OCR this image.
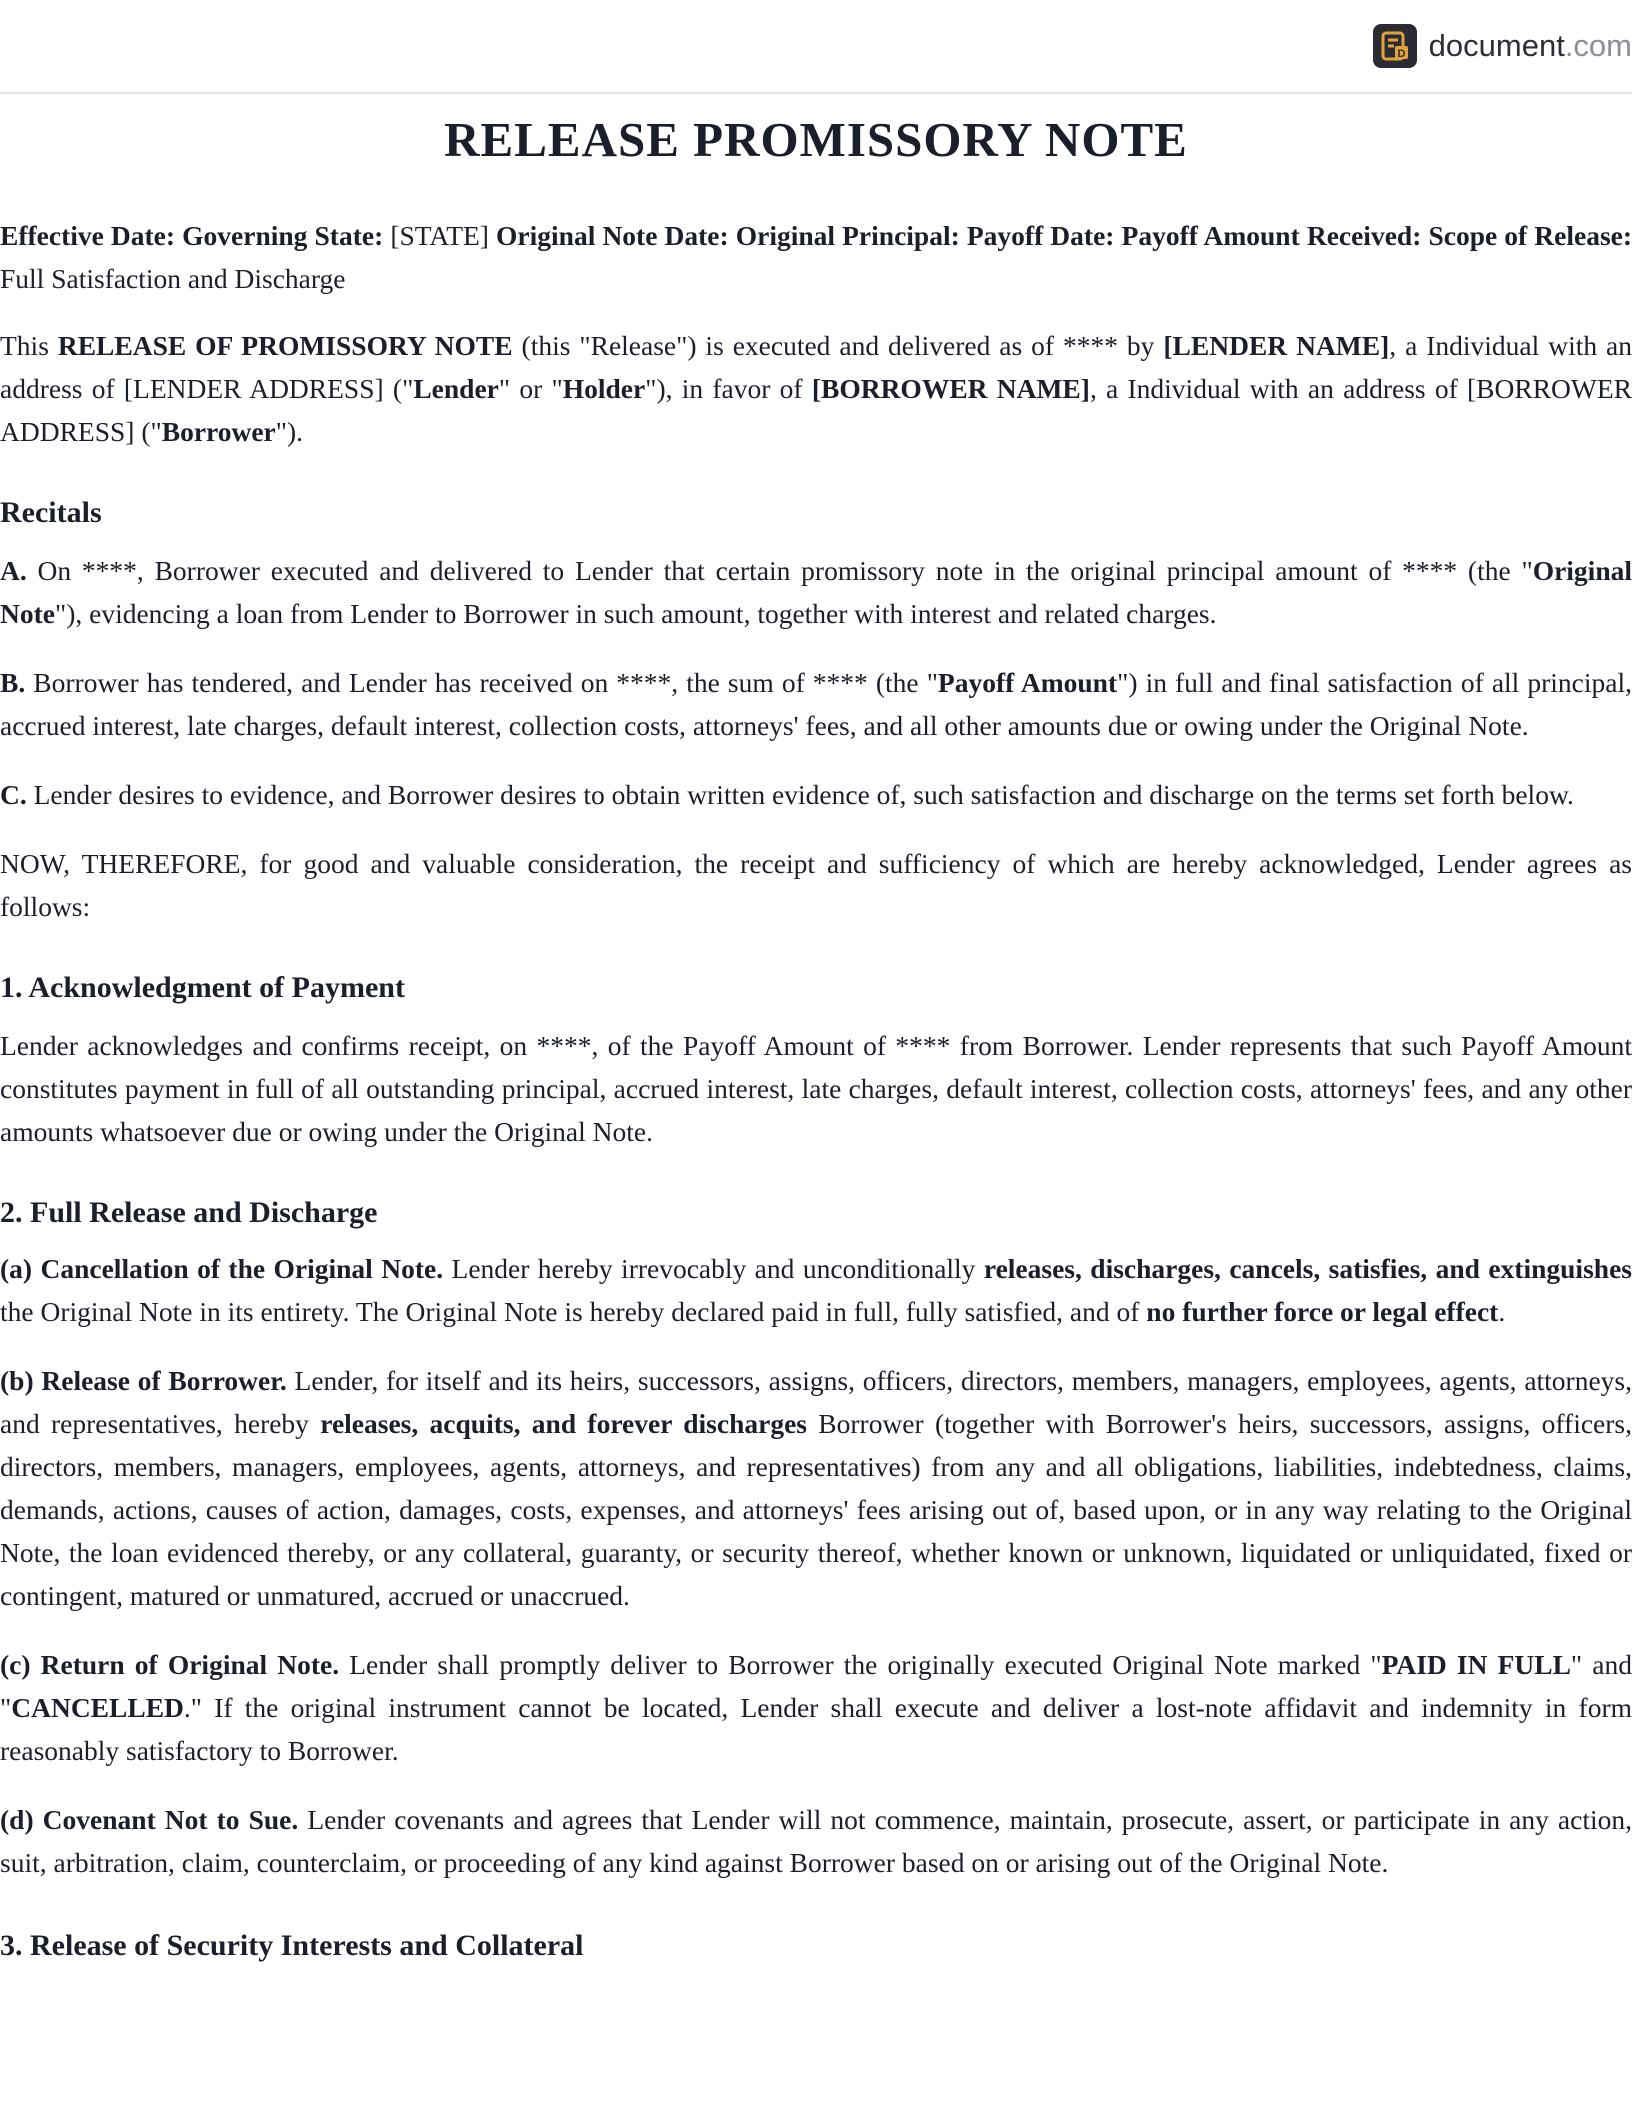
D document.com
RELEASE PROMISSORY NOTE

Effective Date: Governing State: [STATE] Original Note Date: Original Principal: Payoff Date: Payoff Amount Received: Scope of Release: Full Satisfaction and Discharge

This RELEASE OF PROMISSORY NOTE (this "Release") is executed and delivered as of **** by [LENDER NAME], a Individual with an address of [LENDER ADDRESS] ("Lender" or "Holder"), in favor of [BORROWER NAME], a Individual with an address of [BORROWER ADDRESS] ("Borrower").

Recitals

A. On ****, Borrower executed and delivered to Lender that certain promissory note in the original principal amount of **** (the "Original Note"), evidencing a loan from Lender to Borrower in such amount, together with interest and related charges.

B. Borrower has tendered, and Lender has received on ****, the sum of **** (the "Payoff Amount") in full and final satisfaction of all principal, accrued interest, late charges, default interest, collection costs, attorneys' fees, and all other amounts due or owing under the Original Note.

C. Lender desires to evidence, and Borrower desires to obtain written evidence of, such satisfaction and discharge on the terms set forth below.

NOW, THEREFORE, for good and valuable consideration, the receipt and sufficiency of which are hereby acknowledged, Lender agrees as follows:

1. Acknowledgment of Payment

Lender acknowledges and confirms receipt, on ****, of the Payoff Amount of **** from Borrower. Lender represents that such Payoff Amount constitutes payment in full of all outstanding principal, accrued interest, late charges, default interest, collection costs, attorneys' fees, and any other amounts whatsoever due or owing under the Original Note.

2. Full Release and Discharge

(a) Cancellation of the Original Note. Lender hereby irrevocably and unconditionally releases, discharges, cancels, satisfies, and extinguishes the Original Note in its entirety. The Original Note is hereby declared paid in full, fully satisfied, and of no further force or legal effect.

(b) Release of Borrower. Lender, for itself and its heirs, successors, assigns, officers, directors, members, managers, employees, agents, attorneys, and representatives, hereby releases, acquits, and forever discharges Borrower (together with Borrower's heirs, successors, assigns, officers, directors, members, managers, employees, agents, attorneys, and representatives) from any and all obligations, liabilities, indebtedness, claims, demands, actions, causes of action, damages, costs, expenses, and attorneys' fees arising out of, based upon, or in any way relating to the Original Note, the loan evidenced thereby, or any collateral, guaranty, or security thereof, whether known or unknown, liquidated or unliquidated, fixed or contingent, matured or unmatured, accrued or unaccrued.

(c) Return of Original Note. Lender shall promptly deliver to Borrower the originally executed Original Note marked "PAID IN FULL" and "CANCELLED." If the original instrument cannot be located, Lender shall execute and deliver a lost-note affidavit and indemnity in form reasonably satisfactory to Borrower.

(d) Covenant Not to Sue. Lender covenants and agrees that Lender will not commence, maintain, prosecute, assert, or participate in any action, suit, arbitration, claim, counterclaim, or proceeding of any kind against Borrower based on or arising out of the Original Note.

3. Release of Security Interests and Collateral
